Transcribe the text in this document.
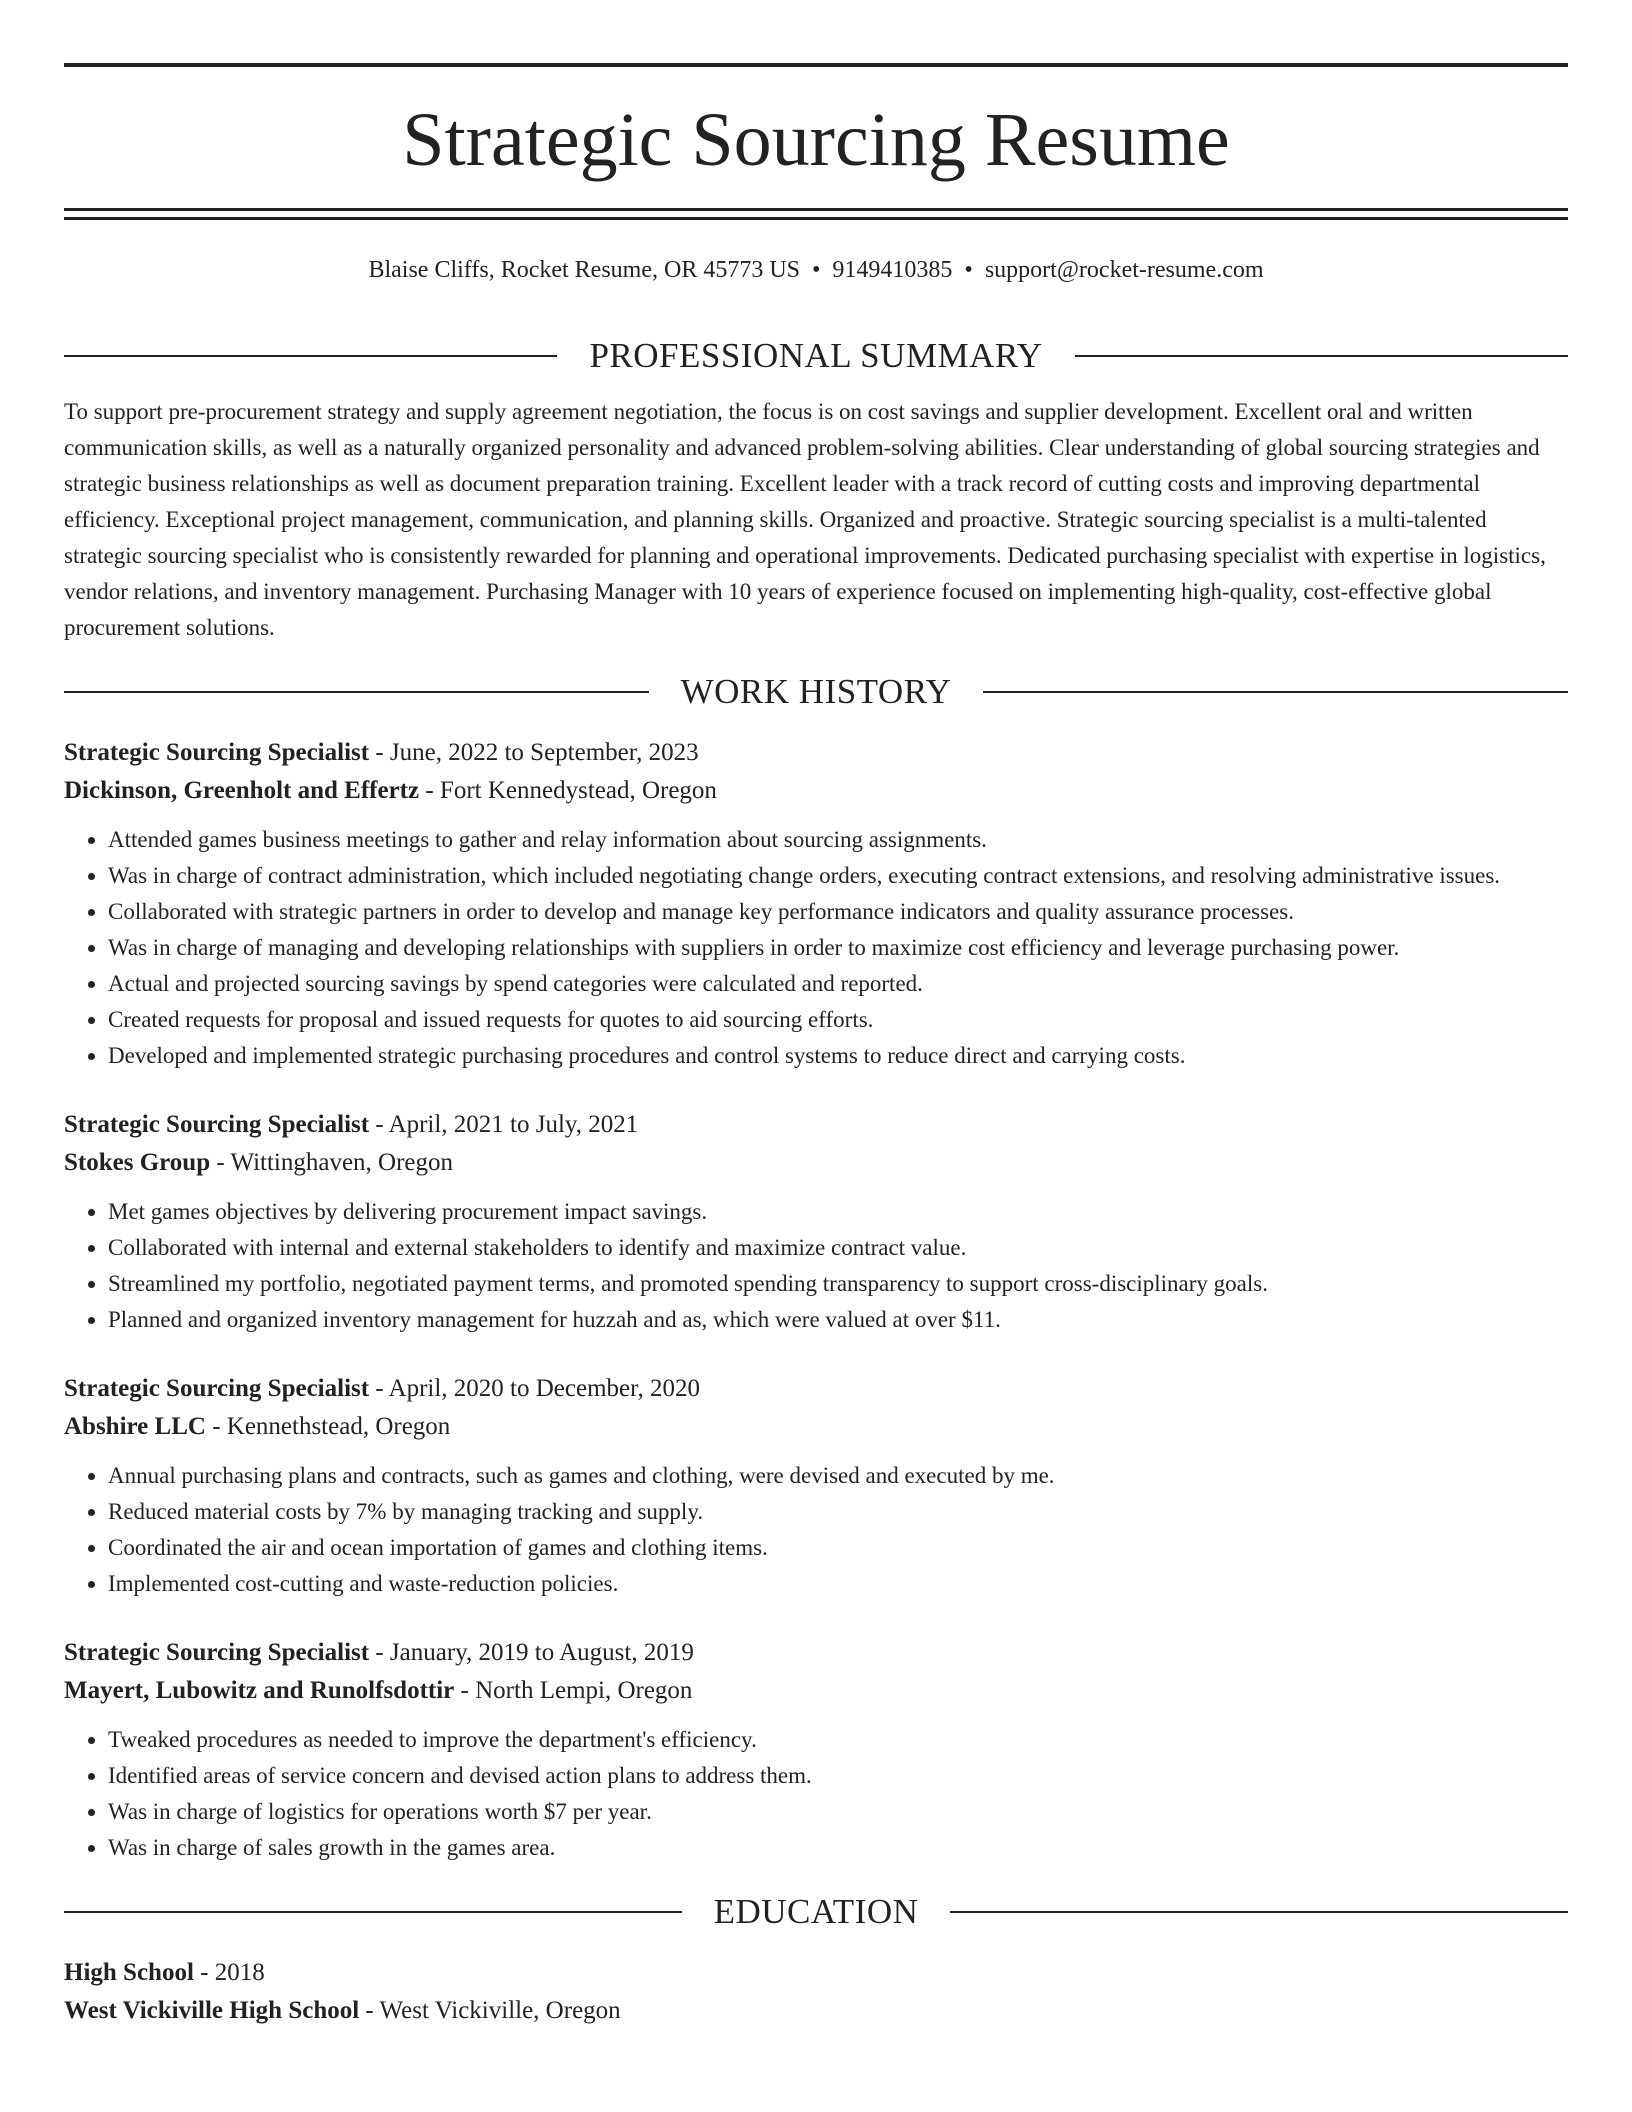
Strategic Sourcing Resume
Blaise Cliffs, Rocket Resume, OR 45773 US • 9149410385 • support@rocket-resume.com
PROFESSIONAL SUMMARY

To support pre-procurement strategy and supply agreement negotiation, the focus is on cost savings and supplier development. Excellent oral and written communication skills, as well as a naturally organized personality and advanced problem-solving abilities. Clear understanding of global sourcing strategies and strategic business relationships as well as document preparation training. Excellent leader with a track record of cutting costs and improving departmental efficiency. Exceptional project management, communication, and planning skills. Organized and proactive. Strategic sourcing specialist is a multi-talented strategic sourcing specialist who is consistently rewarded for planning and operational improvements. Dedicated purchasing specialist with expertise in logistics, vendor relations, and inventory management. Purchasing Manager with 10 years of experience focused on implementing high-quality, cost-effective global procurement solutions.

WORK HISTORY
Strategic Sourcing Specialist - June, 2022 to September, 2023
Dickinson, Greenholt and Effertz - Fort Kennedystead, Oregon
• Attended games business meetings to gather and relay information about sourcing assignments.
• Was in charge of contract administration, which included negotiating change orders, executing contract extensions, and resolving administrative issues.
• Collaborated with strategic partners in order to develop and manage key performance indicators and quality assurance processes.
• Was in charge of managing and developing relationships with suppliers in order to maximize cost efficiency and leverage purchasing power.
• Actual and projected sourcing savings by spend categories were calculated and reported.
• Created requests for proposal and issued requests for quotes to aid sourcing efforts.
• Developed and implemented strategic purchasing procedures and control systems to reduce direct and carrying costs.
Strategic Sourcing Specialist - April, 2021 to July, 2021
Stokes Group - Wittinghaven, Oregon
• Met games objectives by delivering procurement impact savings.
• Collaborated with internal and external stakeholders to identify and maximize contract value.
• Streamlined my portfolio, negotiated payment terms, and promoted spending transparency to support cross-disciplinary goals.
• Planned and organized inventory management for huzzah and as, which were valued at over $11.
Strategic Sourcing Specialist - April, 2020 to December, 2020
Abshire LLC - Kennethstead, Oregon
• Annual purchasing plans and contracts, such as games and clothing, were devised and executed by me.
• Reduced material costs by 7% by managing tracking and supply.
• Coordinated the air and ocean importation of games and clothing items.
• Implemented cost-cutting and waste-reduction policies.
Strategic Sourcing Specialist - January, 2019 to August, 2019
Mayert, Lubowitz and Runolfsdottir - North Lempi, Oregon
• Tweaked procedures as needed to improve the department's efficiency.
• Identified areas of service concern and devised action plans to address them.
• Was in charge of logistics for operations worth $7 per year.
• Was in charge of sales growth in the games area.
EDUCATION
High School - 2018
West Vickiville High School - West Vickiville, Oregon
